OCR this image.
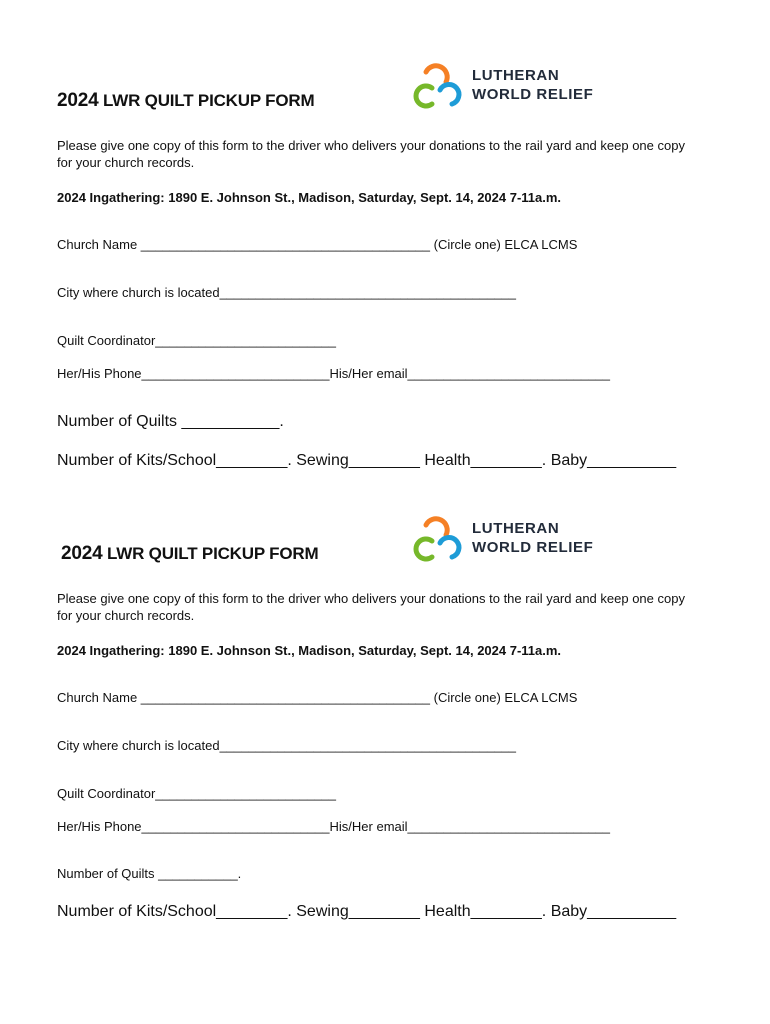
2024 LWR QUILT PICKUP FORM
LUTHERAN
WORLD RELIEF
Please give one copy of this form to the driver who delivers your donations to the rail yard and keep one copy for your church records.
2024 Ingathering: 1890 E. Johnson St., Madison, Saturday, Sept. 14, 2024 7-11a.m.
Church Name ________________________________________ (Circle one) ELCA LCMS
City where church is located_________________________________________
Quilt Coordinator_________________________
Her/His Phone__________________________His/Her email____________________________
Number of Quilts ___________.
Number of Kits/School________. Sewing________ Health________. Baby__________
2024 LWR QUILT PICKUP FORM
LUTHERAN
WORLD RELIEF
Please give one copy of this form to the driver who delivers your donations to the rail yard and keep one copy for your church records.
2024 Ingathering: 1890 E. Johnson St., Madison, Saturday, Sept. 14, 2024 7-11a.m.
Church Name ________________________________________ (Circle one) ELCA LCMS
City where church is located_________________________________________
Quilt Coordinator_________________________
Her/His Phone__________________________His/Her email____________________________
Number of Quilts ___________.
Number of Kits/School________. Sewing________ Health________. Baby__________
